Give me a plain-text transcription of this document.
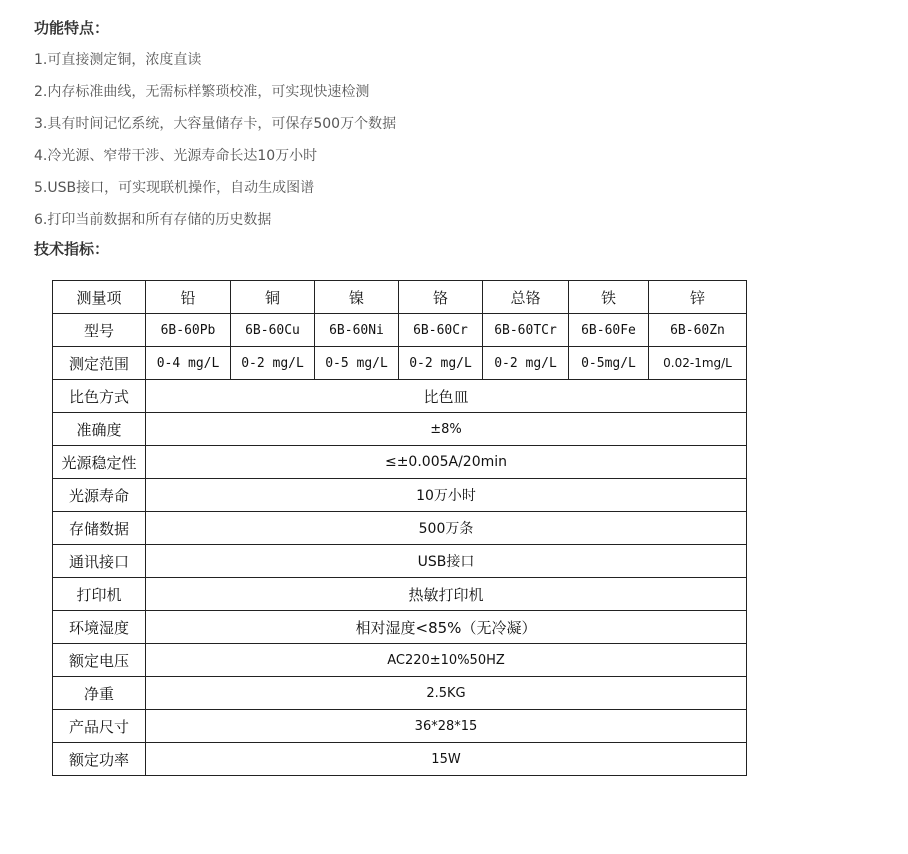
功能特点：
1.可直接测定铜，浓度直读
2.内存标准曲线，无需标样繁琐校准，可实现快速检测
3.具有时间记忆系统，大容量储存卡，可保存500万个数据
4.冷光源、窄带干涉、光源寿命长达10万小时
5.USB接口，可实现联机操作，自动生成图谱
6.打印当前数据和所有存储的历史数据
技术指标：
测量项	铅	铜	镍	铬	总铬	铁	锌
型号	6B-60Pb	6B-60Cu	6B-60Ni	6B-60Cr	6B-60TCr	6B-60Fe	6B-60Zn
测定范围	0-4 mg/L	0-2 mg/L	0-5 mg/L	0-2 mg/L	0-2 mg/L	0-5mg/L	0.02-1mg/L
比色方式	比色皿						
准确度	±8%						
光源稳定性	≤±0.005A/20min						
光源寿命	10万小时						
存储数据	500万条						
通讯接口	USB接口						
打印机	热敏打印机						
环境湿度	相对湿度<85%（无冷凝）						
额定电压	AC220±10%50HZ						
净重	2.5KG						
产品尺寸	36*28*15						
额定功率	15W						
